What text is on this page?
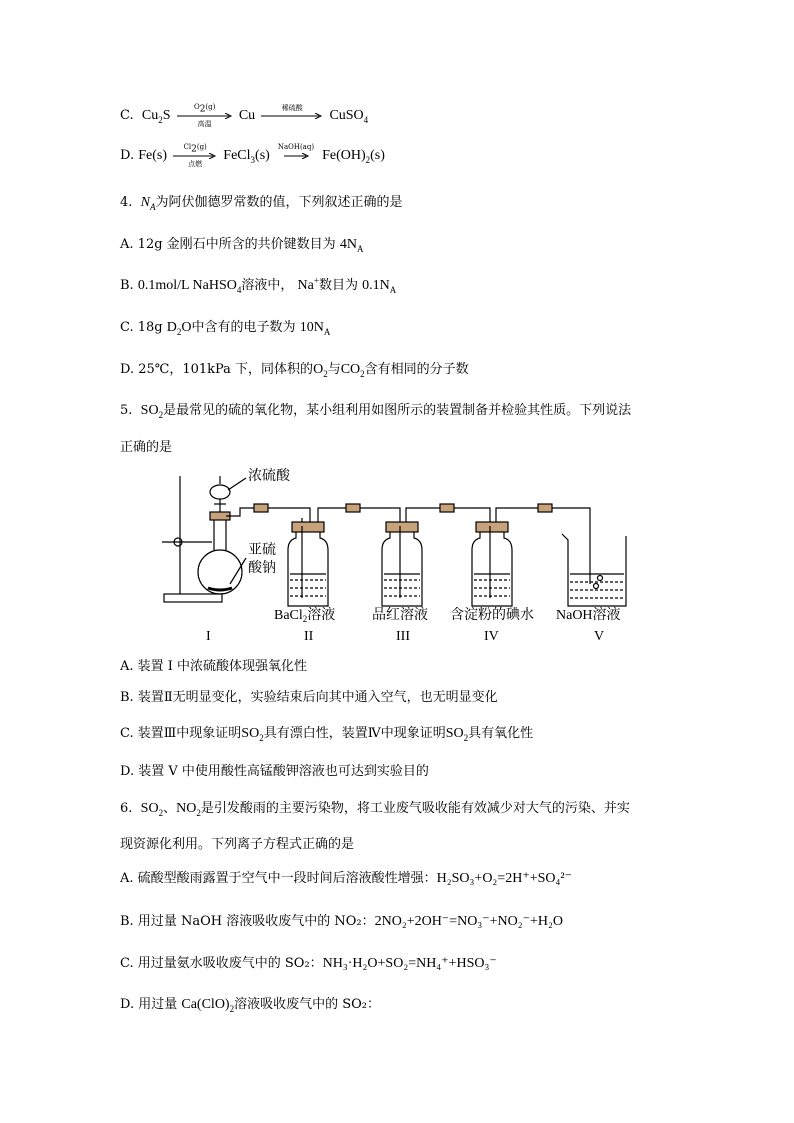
C. $Cu_2S$
$O_2(g)$
高温
Cu
稀硫酸
CuSO$_4$
D. Fe(s)
$Cl_2(g)$
点燃
FeCl$_3$(s)
NaOH(aq)
$Fe(OH)_2(s)$
4. $N_A$为阿伏伽德罗常数的值，下列叙述正确的是
A. 12g 金刚石中所含的共价键数目为 $4N_A$
B. 0.1mol/L NaHSO$_4$溶液中， Na+数目为 $0.1N_A$
C. 18g $D_2O$中含有的电子数为 $10N_A$
D. 25℃，101kPa 下，同体积的$O_2$与$CO_2$含有相同的分子数
5. $SO_2$是最常见的硫的氧化物，某小组利用如图所示的装置制备并检验其性质。下列说法
正确的是
浓硫酸
亚硫
酸钠
BaCl$_2$溶液	品红溶液 含淀粉的碘水 NaOH溶液
I	II	III	IV	V
A. 装置 I 中浓硫酸体现强氧化性
B. 装置Ⅱ无明显变化，实验结束后向其中通入空气，也无明显变化
C. 装置Ⅲ中现象证明$SO_2$具有漂白性，装置Ⅳ中现象证明$SO_2$具有氧化性
D. 装置 V 中使用酸性高锰酸钾溶液也可达到实验目的
6. $SO_2$、$NO_2$是引发酸雨的主要污染物，将工业废气吸收能有效减少对大气的污染、并实
现资源化利用。下列离子方程式正确的是
A. 硫酸型酸雨露置于空气中一段时间后溶液酸性增强：H₂SO₃+O₂=2H⁺+SO₄²⁻
B. 用过量 NaOH 溶液吸收废气中的 NO₂：2NO₂+2OH⁻=NO₃⁻+NO₂⁻+H₂O
C. 用过量氨水吸收废气中的 SO₂：NH₃·H₂O+SO₂=NH₄⁺+HSO₃⁻
D. 用过量 $Ca(ClO)_2$溶液吸收废气中的 SO₂：
